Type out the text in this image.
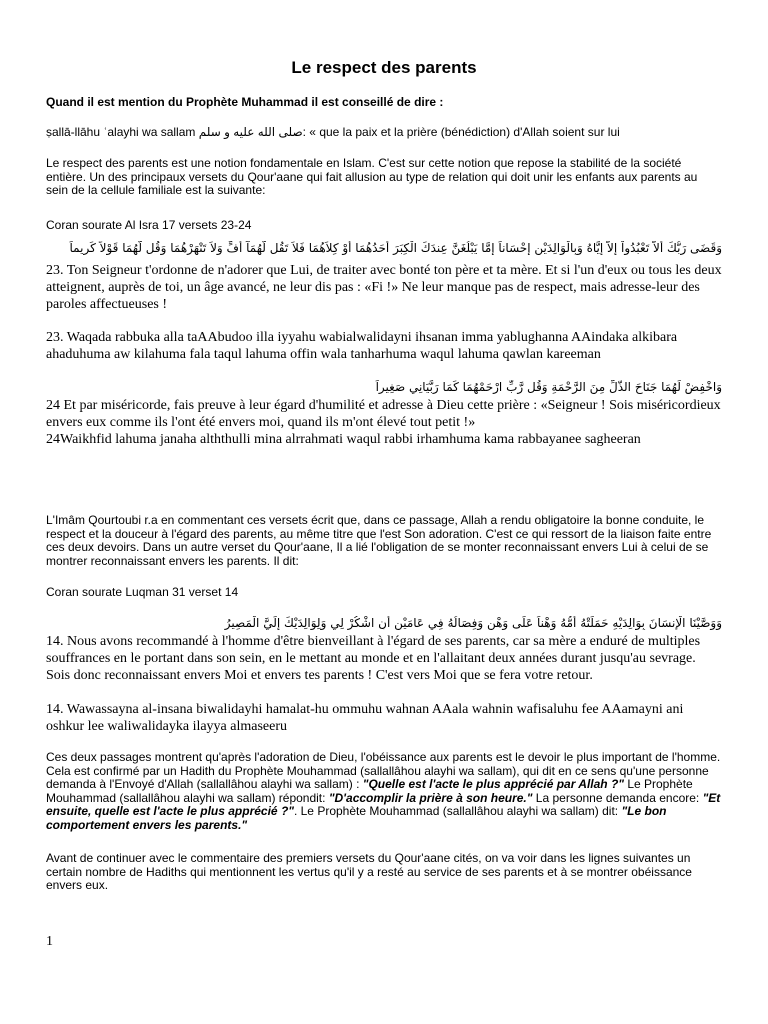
Le respect des parents

Quand il est mention du Prophète Muhammad il est conseillé de dire :

ṣallā-llāhu ʿalayhi wa sallam صلى الله عليه و سلم: « que la paix et la prière (bénédiction) d'Allah soient sur lui

Le respect des parents est une notion fondamentale en Islam. C'est sur cette notion que repose la stabilité de la société entière. Un des principaux versets du Qour'aane qui fait allusion au type de relation qui doit unir les enfants aux parents au sein de la cellule familiale est la suivante:

Coran sourate Al Isra 17 versets 23-24

وَقَضَى رَبُّكَ أَلاَّ تَعْبُدُواْ إِلاَّ إِيَّاهُ وَبِالْوَالِدَيْنِ إِحْسَاناً إِمَّا يَبْلُغَنَّ عِندَكَ الْكِبَرَ أَحَدُهُمَا أَوْ كِلاَهُمَا فَلاَ تَقُل لَّهُمَآ أُفٍّ وَلاَ تَنْهَرْهُمَا وَقُل لَّهُمَا قَوْلاً كَرِيماً

23. Ton Seigneur t'ordonne de n'adorer que Lui, de traiter avec bonté ton père et ta mère. Et si l'un d'eux ou tous les deux atteignent, auprès de toi, un âge avancé, ne leur dis pas : «Fi !» Ne leur manque pas de respect, mais adresse-leur des paroles affectueuses !

23. Waqada rabbuka alla taAAbudoo illa iyyahu wabialwalidayni ihsanan imma yablughanna AAindaka alkibara ahaduhuma aw kilahuma fala taqul lahuma offin wala tanharhuma waqul lahuma qawlan kareeman

وَاخْفِضْ لَهُمَا جَنَاحَ الذُّلِّ مِنَ الرَّحْمَةِ وَقُل رَّبِّ ارْحَمْهُمَا كَمَا رَبَّيَانِي صَغِيراً

24 Et par miséricorde, fais preuve à leur égard d'humilité et adresse à Dieu cette prière : «Seigneur ! Sois miséricordieux envers eux comme ils l'ont été envers moi, quand ils m'ont élevé tout petit !»

24Waikhfid lahuma janaha alththulli mina alrrahmati waqul rabbi irhamhuma kama rabbayanee sagheeran

L'Imâm Qourtoubi r.a en commentant ces versets écrit que, dans ce passage, Allah a rendu obligatoire la bonne conduite, le respect et la douceur à l'égard des parents, au même titre que l'est Son adoration. C'est ce qui ressort de la liaison faite entre ces deux devoirs. Dans un autre verset du Qour'aane, Il a lié l'obligation de se monter reconnaissant envers Lui à celui de se montrer reconnaissant envers les parents. Il dit:

Coran sourate Luqman 31 verset 14

وَوَصَّيْنَا الْإِنسَانَ بِوَالِدَيْهِ حَمَلَتْهُ أُمُّهُ وَهْناً عَلَى وَهْنٍ وَفِصَالُهُ فِي عَامَيْنِ أَنِ اشْكُرْ لِي وَلِوَالِدَيْكَ إِلَيَّ الْمَصِيرُ

14. Nous avons recommandé à l'homme d'être bienveillant à l'égard de ses parents, car sa mère a enduré de multiples souffrances en le portant dans son sein, en le mettant au monde et en l'allaitant deux années durant jusqu'au sevrage. Sois donc reconnaissant envers Moi et envers tes parents ! C'est vers Moi que se fera votre retour.

14. Wawassayna al-insana biwalidayhi hamalat-hu ommuhu wahnan AAala wahnin wafisaluhu fee AAamayni ani oshkur lee waliwalidayka ilayya almaseeru

Ces deux passages montrent qu'après l'adoration de Dieu, l'obéissance aux parents est le devoir le plus important de l'homme. Cela est confirmé par un Hadith du Prophète Mouhammad (sallallâhou alayhi wa sallam), qui dit en ce sens qu'une personne demanda à l'Envoyé d'Allah (sallallâhou alayhi wa sallam) : "Quelle est l'acte le plus apprécié par Allah ?" Le Prophète Mouhammad (sallallâhou alayhi wa sallam) répondit: "D'accomplir la prière à son heure." La personne demanda encore: "Et ensuite, quelle est l'acte le plus apprécié ?". Le Prophète Mouhammad (sallallâhou alayhi wa sallam) dit: "Le bon comportement envers les parents."

Avant de continuer avec le commentaire des premiers versets du Qour'aane cités, on va voir dans les lignes suivantes un certain nombre de Hadiths qui mentionnent les vertus qu'il y a resté au service de ses parents et à se montrer obéissance envers eux.

1
